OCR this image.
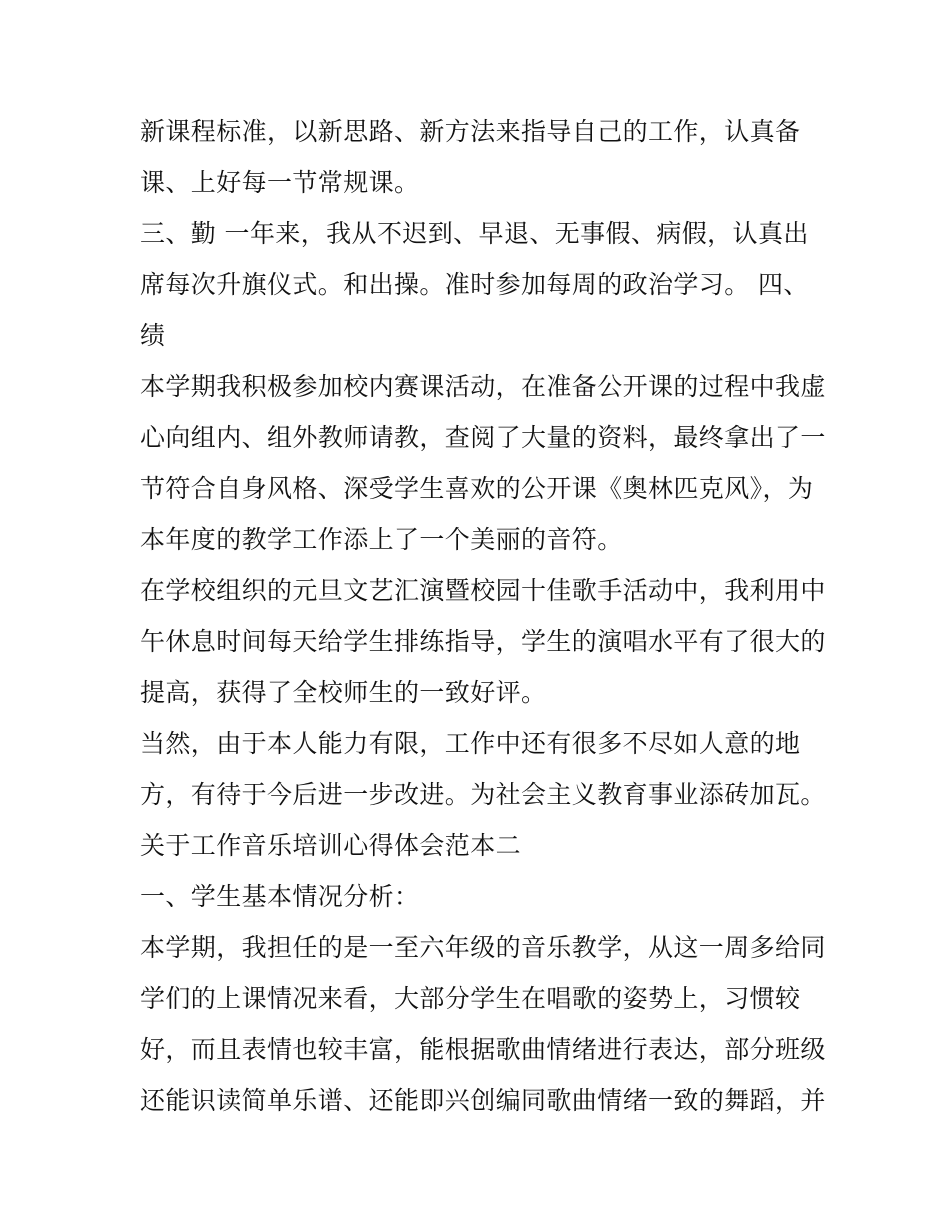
新课程标准，以新思路、新方法来指导自己的工作，认真备
课、上好每一节常规课。
三、勤 一年来，我从不迟到、早退、无事假、病假，认真出
席每次升旗仪式。和出操。准时参加每周的政治学习。 四、
绩
本学期我积极参加校内赛课活动，在准备公开课的过程中我虚
心向组内、组外教师请教，查阅了大量的资料，最终拿出了一
节符合自身风格、深受学生喜欢的公开课《奥林匹克风》，为
本年度的教学工作添上了一个美丽的音符。
在学校组织的元旦文艺汇演暨校园十佳歌手活动中，我利用中
午休息时间每天给学生排练指导，学生的演唱水平有了很大的
提高，获得了全校师生的一致好评。
当然，由于本人能力有限，工作中还有很多不尽如人意的地
方，有待于今后进一步改进。为社会主义教育事业添砖加瓦。
关于工作音乐培训心得体会范本二
一、学生基本情况分析：
本学期，我担任的是一至六年级的音乐教学，从这一周多给同
学们的上课情况来看，大部分学生在唱歌的姿势上，习惯较
好，而且表情也较丰富，能根据歌曲情绪进行表达，部分班级
还能识读简单乐谱、还能即兴创编同歌曲情绪一致的舞蹈，并
